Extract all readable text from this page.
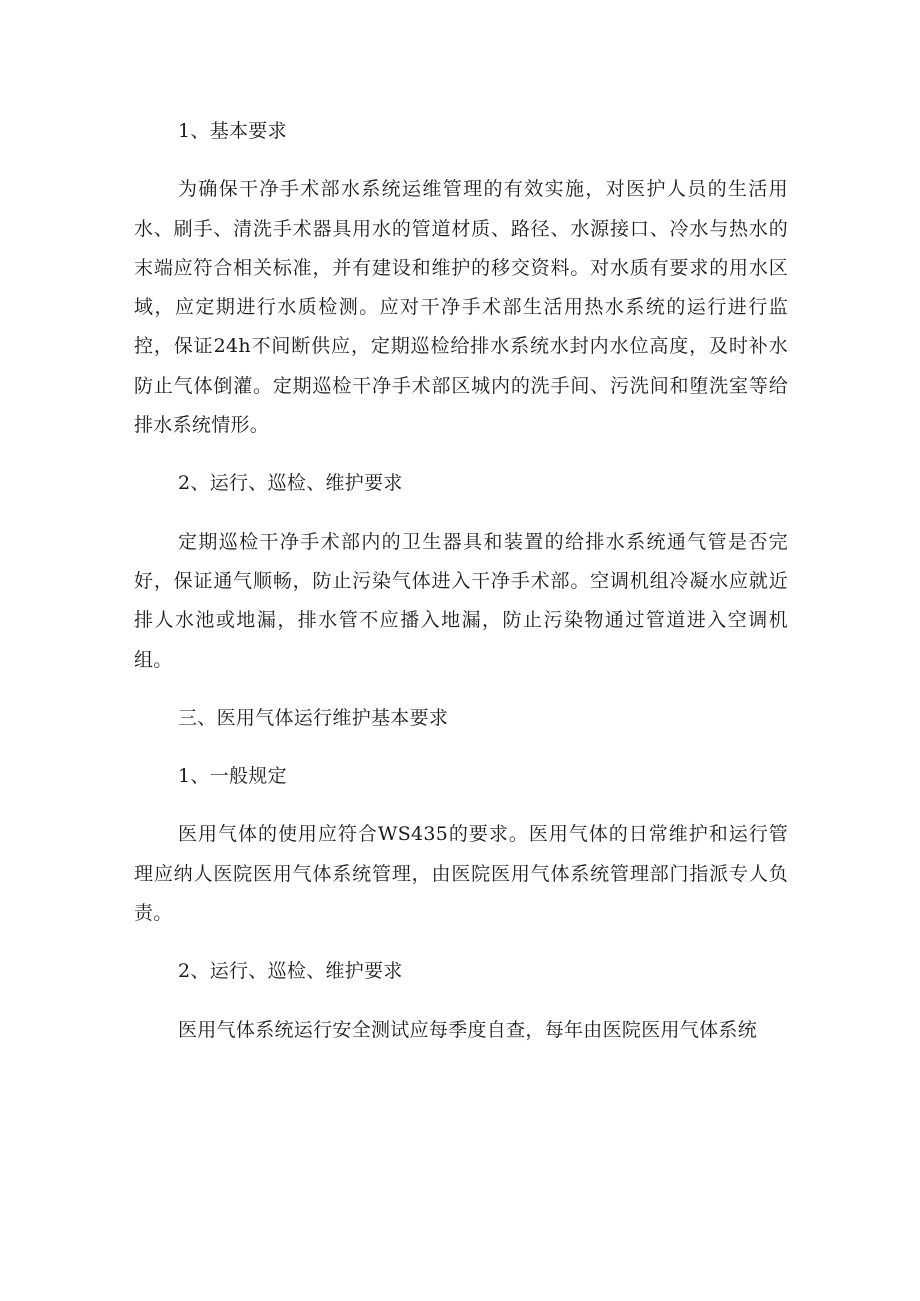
1、基本要求

为确保干净手术部水系统运维管理的有效实施，对医护人员的生活用水、刷手、清洗手术器具用水的管道材质、路径、水源接口、冷水与热水的末端应符合相关标准，并有建设和维护的移交资料。对水质有要求的用水区域，应定期进行水质检测。应对干净手术部生活用热水系统的运行进行监控，保证24h不间断供应，定期巡检给排水系统水封内水位高度，及时补水防止气体倒灌。定期巡检干净手术部区城内的洗手间、污洗间和堕洗室等给排水系统情形。

2、运行、巡检、维护要求

定期巡检干净手术部内的卫生器具和装置的给排水系统通气管是否完好，保证通气顺畅，防止污染气体进入干净手术部。空调机组冷凝水应就近排人水池或地漏，排水管不应播入地漏，防止污染物通过管道进入空调机组。

三、医用气体运行维护基本要求

1、一般规定

医用气体的使用应符合WS435的要求。医用气体的日常维护和运行管理应纳人医院医用气体系统管理，由医院医用气体系统管理部门指派专人负责。

2、运行、巡检、维护要求

医用气体系统运行安全测试应每季度自查，每年由医院医用气体系统
